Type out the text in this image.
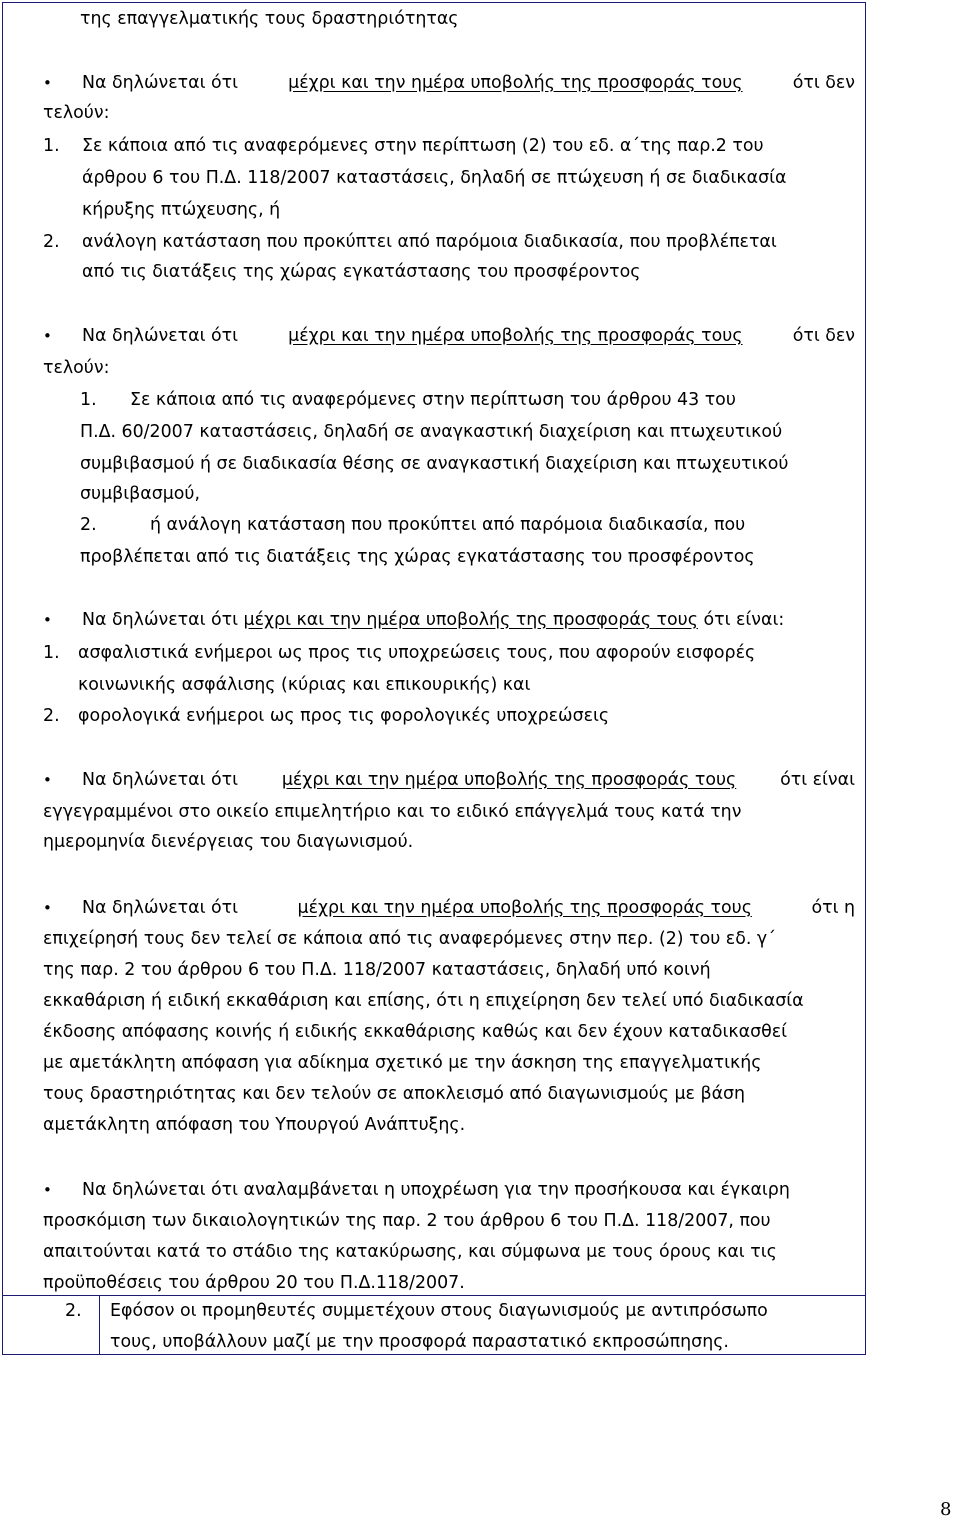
της επαγγελματικής τους δραστηριότητας
• Να δηλώνεται ότι	μέχρι και την ημέρα υποβολής της προσφοράς τους	ότι δεν
τελούν:
1. Σε κάποια από τις αναφερόμενες στην περίπτωση (2) του εδ. α΄της παρ.2 του
άρθρου 6 του Π.Δ. 118/2007 καταστάσεις, δηλαδή σε πτώχευση ή σε διαδικασία
κήρυξης πτώχευσης, ή
2. ανάλογη κατάσταση που προκύπτει από παρόμοια διαδικασία, που προβλέπεται
από τις διατάξεις της χώρας εγκατάστασης του προσφέροντος
• Να δηλώνεται ότι	μέχρι και την ημέρα υποβολής της προσφοράς τους	ότι δεν
τελούν:
1. Σε κάποια από τις αναφερόμενες στην περίπτωση του άρθρου 43 του
Π.Δ. 60/2007 καταστάσεις, δηλαδή σε αναγκαστική διαχείριση και πτωχευτικού
συμβιβασμού ή σε διαδικασία θέσης σε αναγκαστική διαχείριση και πτωχευτικού
συμβιβασμού,
2.	ή ανάλογη κατάσταση που προκύπτει από παρόμοια διαδικασία, που
προβλέπεται από τις διατάξεις της χώρας εγκατάστασης του προσφέροντος
• Να δηλώνεται ότι μέχρι και την ημέρα υποβολής της προσφοράς τους ότι είναι:
1. ασφαλιστικά ενήμεροι ως προς τις υποχρεώσεις τους, που αφορούν εισφορές
κοινωνικής ασφάλισης (κύριας και επικουρικής) και
2. φορολογικά ενήμεροι ως προς τις φορολογικές υποχρεώσεις
• Να δηλώνεται ότι	μέχρι και την ημέρα υποβολής της προσφοράς τους	ότι είναι
εγγεγραμμένοι στο οικείο επιμελητήριο και το ειδικό επάγγελμά τους κατά την
ημερομηνία διενέργειας του διαγωνισμού.
• Να δηλώνεται ότι	μέχρι και την ημέρα υποβολής της προσφοράς τους	ότι η
επιχείρησή τους δεν τελεί σε κάποια από τις αναφερόμενες στην περ. (2) του εδ. γ΄
της παρ. 2 του άρθρου 6 του Π.Δ. 118/2007 καταστάσεις, δηλαδή υπό κοινή
εκκαθάριση ή ειδική εκκαθάριση και επίσης, ότι η επιχείρηση δεν τελεί υπό διαδικασία
έκδοσης απόφασης κοινής ή ειδικής εκκαθάρισης καθώς και δεν έχουν καταδικασθεί
με αμετάκλητη απόφαση για αδίκημα σχετικό με την άσκηση της επαγγελματικής
τους δραστηριότητας και δεν τελούν σε αποκλεισμό από διαγωνισμούς με βάση
αμετάκλητη απόφαση του Υπουργού Ανάπτυξης.
• Να δηλώνεται ότι αναλαμβάνεται η υποχρέωση για την προσήκουσα και έγκαιρη
προσκόμιση των δικαιολογητικών της παρ. 2 του άρθρου 6 του Π.Δ. 118/2007, που
απαιτούνται κατά το στάδιο της κατακύρωσης, και σύμφωνα με τους όρους και τις
προϋποθέσεις του άρθρου 20 του Π.Δ.118/2007.
2. Εφόσον οι προμηθευτές συμμετέχουν στους διαγωνισμούς με αντιπρόσωπο
τους, υποβάλλουν μαζί με την προσφορά παραστατικό εκπροσώπησης.
8
